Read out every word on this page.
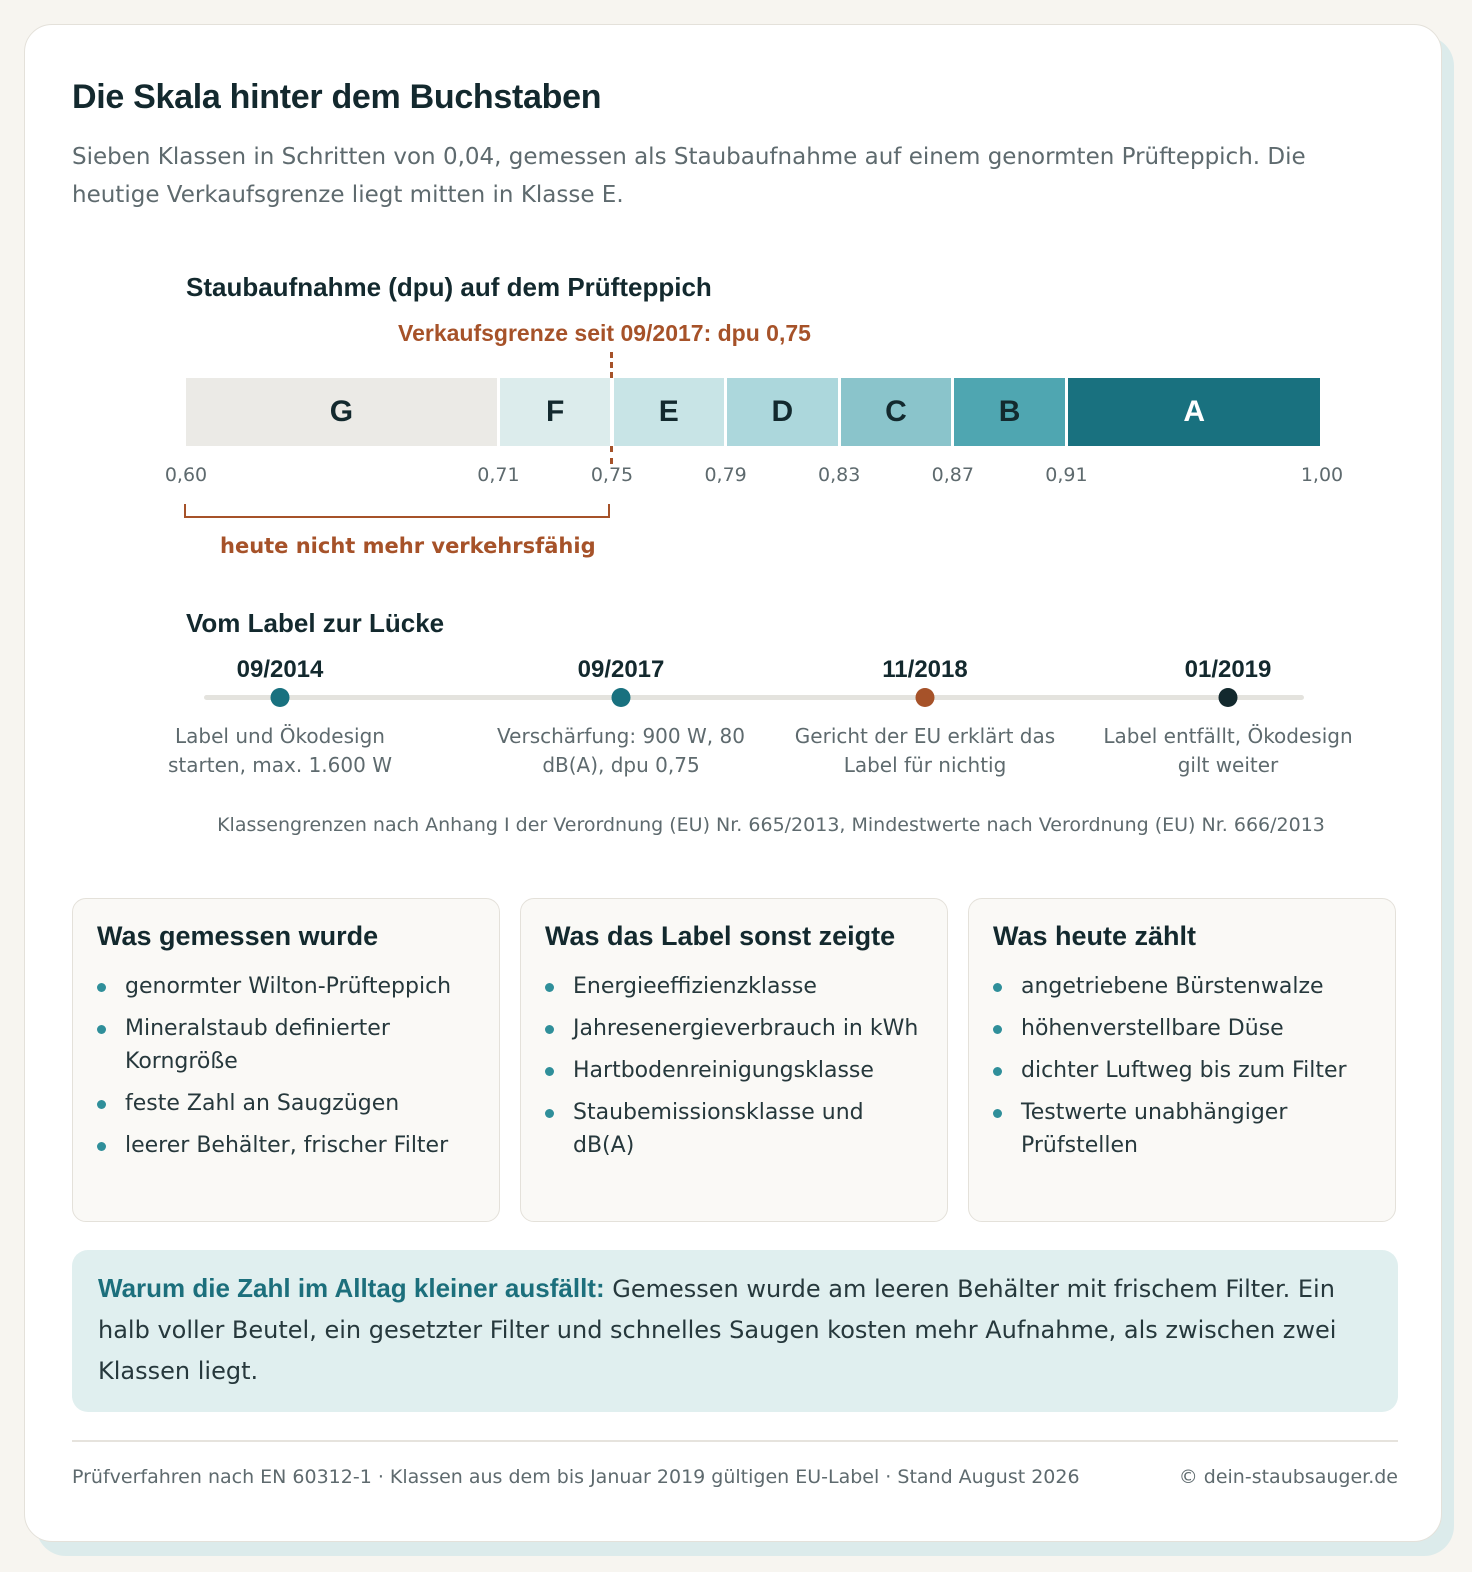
Die Skala hinter dem Buchstaben
Sieben Klassen in Schritten von 0,04, gemessen als Staubaufnahme auf einem genormten Prüfteppich. Die heutige Verkaufsgrenze liegt mitten in Klasse E.
Staubaufnahme (dpu) auf dem Prüfteppich
Verkaufsgrenze seit 09/2017: dpu 0,75
G	F	E	D	C	B	A
0,60	0,71	0,75	0,79	0,83	0,87	0,91	1,00
heute nicht mehr verkehrsfähig
Vom Label zur Lücke
09/2014
Label und Ökodesign starten, max. 1.600 W
09/2017
Verschärfung: 900 W, 80 dB(A), dpu 0,75
11/2018
Gericht der EU erklärt das Label für nichtig
01/2019
Label entfällt, Ökodesign gilt weiter
Klassengrenzen nach Anhang I der Verordnung (EU) Nr. 665/2013, Mindestwerte nach Verordnung (EU) Nr. 666/2013
Was gemessen wurde
genormter Wilton-Prüfteppich
Mineralstaub definierter Korngröße
feste Zahl an Saugzügen
leerer Behälter, frischer Filter
Was das Label sonst zeigte
Energieeffizienzklasse
Jahresenergieverbrauch in kWh
Hartbodenreinigungsklasse
Staubemissionsklasse und dB(A)
Was heute zählt
angetriebene Bürstenwalze
höhenverstellbare Düse
dichter Luftweg bis zum Filter
Testwerte unabhängiger Prüfstellen
Warum die Zahl im Alltag kleiner ausfällt: Gemessen wurde am leeren Behälter mit frischem Filter. Ein halb voller Beutel, ein gesetzter Filter und schnelles Saugen kosten mehr Aufnahme, als zwischen zwei Klassen liegt.
Prüfverfahren nach EN 60312-1 · Klassen aus dem bis Januar 2019 gültigen EU-Label · Stand August 2026	© dein-staubsauger.de
